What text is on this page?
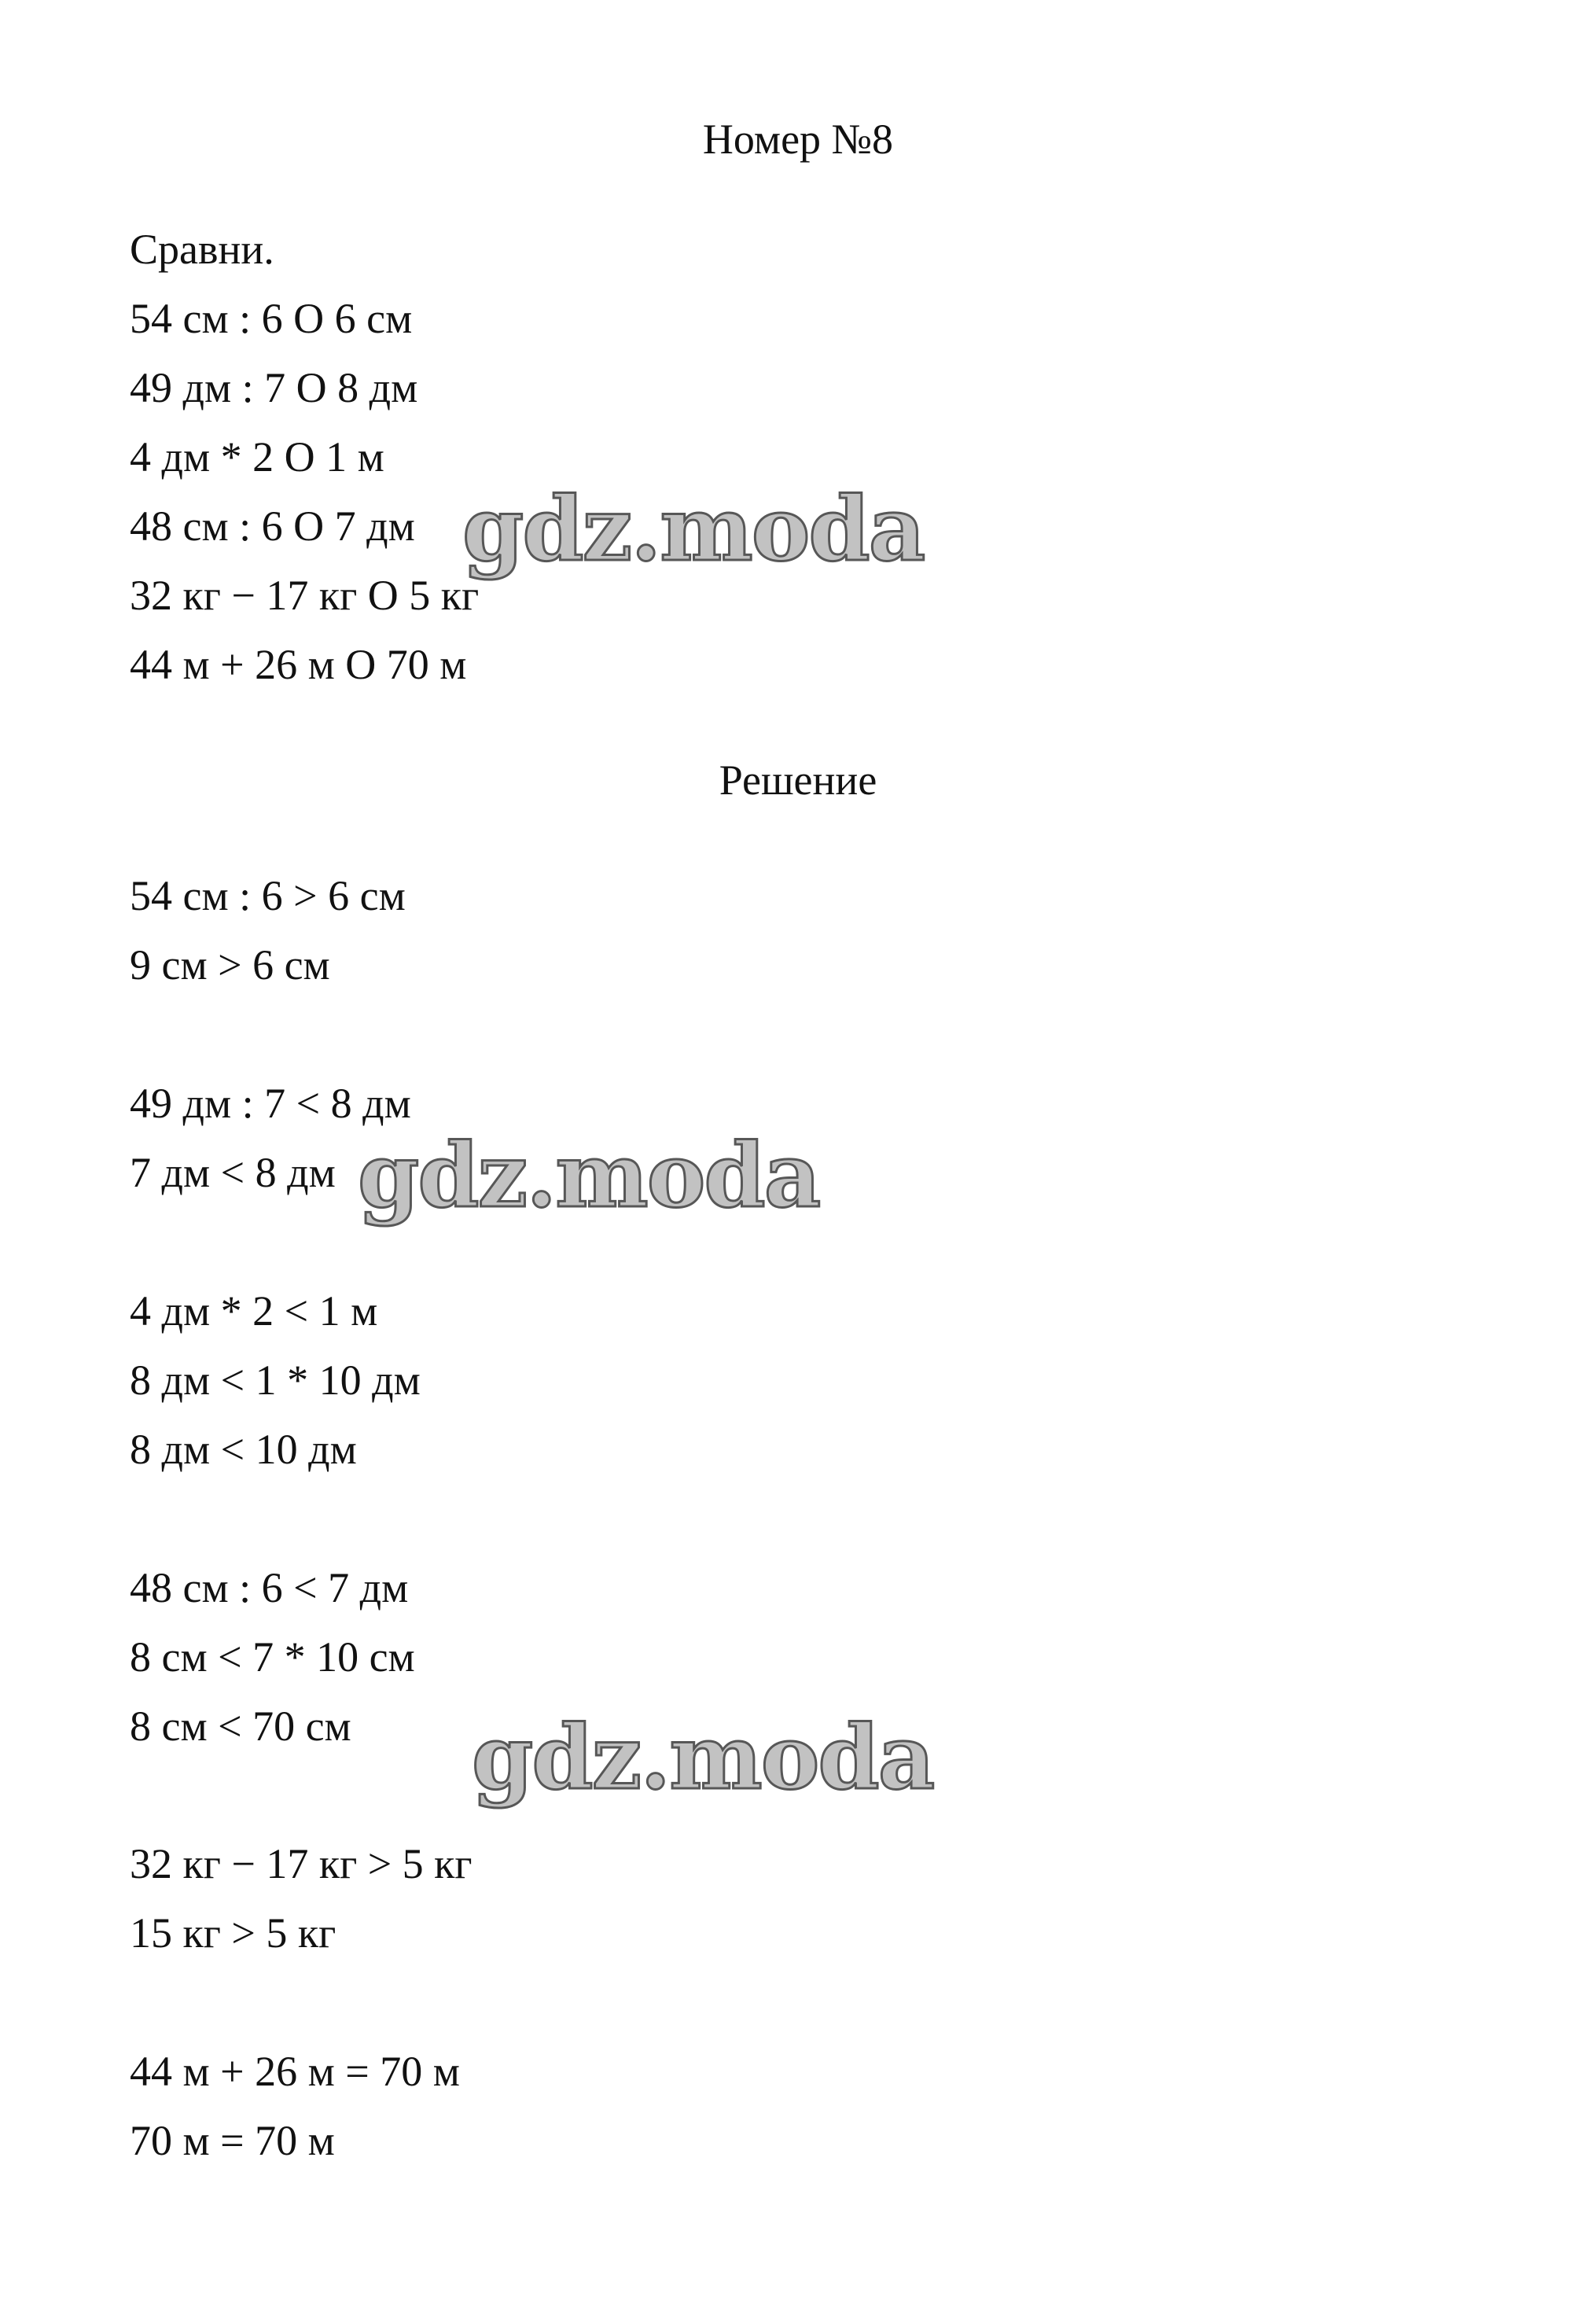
Номер №8
Сравни.
54 см : 6 О 6 см
49 дм : 7 О 8 дм
4 дм * 2 О 1 м
48 см : 6 О 7 дм
32 кг − 17 кг О 5 кг
44 м + 26 м О 70 м
Решение
54 см : 6 > 6 см
9 см > 6 см
49 дм : 7 < 8 дм
7 дм < 8 дм
4 дм * 2 < 1 м
8 дм < 1 * 10 дм
8 дм < 10 дм
48 см : 6 < 7 дм
8 см < 7 * 10 см
8 см < 70 см
32 кг − 17 кг > 5 кг
15 кг > 5 кг
44 м + 26 м = 70 м
70 м = 70 м
gdz.moda
gdz.moda
gdz.moda
